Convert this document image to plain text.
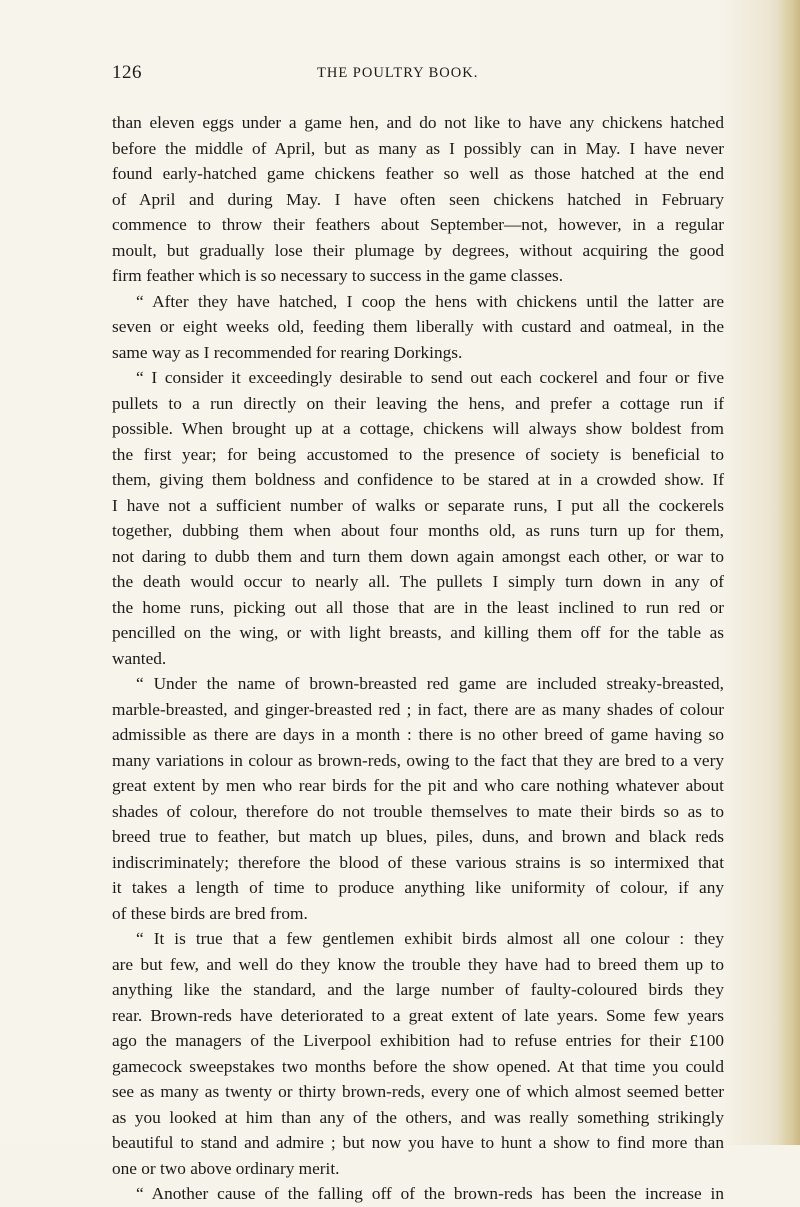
126	THE POULTRY BOOK.
than eleven eggs under a game hen, and do not like to have any chickens hatched
before the middle of April, but as many as I possibly can in May. I have never
found early-hatched game chickens feather so well as those hatched at the end
of April and during May. I have often seen chickens hatched in February
commence to throw their feathers about September—not, however, in a regular
moult, but gradually lose their plumage by degrees, without acquiring the good
firm feather which is so necessary to success in the game classes.
“ After they have hatched, I coop the hens with chickens until the latter are
seven or eight weeks old, feeding them liberally with custard and oatmeal, in the
same way as I recommended for rearing Dorkings.
“ I consider it exceedingly desirable to send out each cockerel and four or five
pullets to a run directly on their leaving the hens, and prefer a cottage run if
possible. When brought up at a cottage, chickens will always show boldest from
the first year; for being accustomed to the presence of society is beneficial to
them, giving them boldness and confidence to be stared at in a crowded show. If
I have not a sufficient number of walks or separate runs, I put all the cockerels
together, dubbing them when about four months old, as runs turn up for them,
not daring to dubb them and turn them down again amongst each other, or war to
the death would occur to nearly all. The pullets I simply turn down in any of
the home runs, picking out all those that are in the least inclined to run red or
pencilled on the wing, or with light breasts, and killing them off for the table as
wanted.
“ Under the name of brown-breasted red game are included streaky-breasted,
marble-breasted, and ginger-breasted red ; in fact, there are as many shades of colour
admissible as there are days in a month : there is no other breed of game having so
many variations in colour as brown-reds, owing to the fact that they are bred to a very
great extent by men who rear birds for the pit and who care nothing whatever about
shades of colour, therefore do not trouble themselves to mate their birds so as to
breed true to feather, but match up blues, piles, duns, and brown and black reds
indiscriminately; therefore the blood of these various strains is so intermixed that
it takes a length of time to produce anything like uniformity of colour, if any
of these birds are bred from.
“ It is true that a few gentlemen exhibit birds almost all one colour : they
are but few, and well do they know the trouble they have had to breed them up to
anything like the standard, and the large number of faulty-coloured birds they
rear. Brown-reds have deteriorated to a great extent of late years. Some few years
ago the managers of the Liverpool exhibition had to refuse entries for their £100
gamecock sweepstakes two months before the show opened. At that time you could
see as many as twenty or thirty brown-reds, every one of which almost seemed better
as you looked at him than any of the others, and was really something strikingly
beautiful to stand and admire ; but now you have to hunt a show to find more than
one or two above ordinary merit.
“ Another cause of the falling off of the brown-reds has been the increase in
